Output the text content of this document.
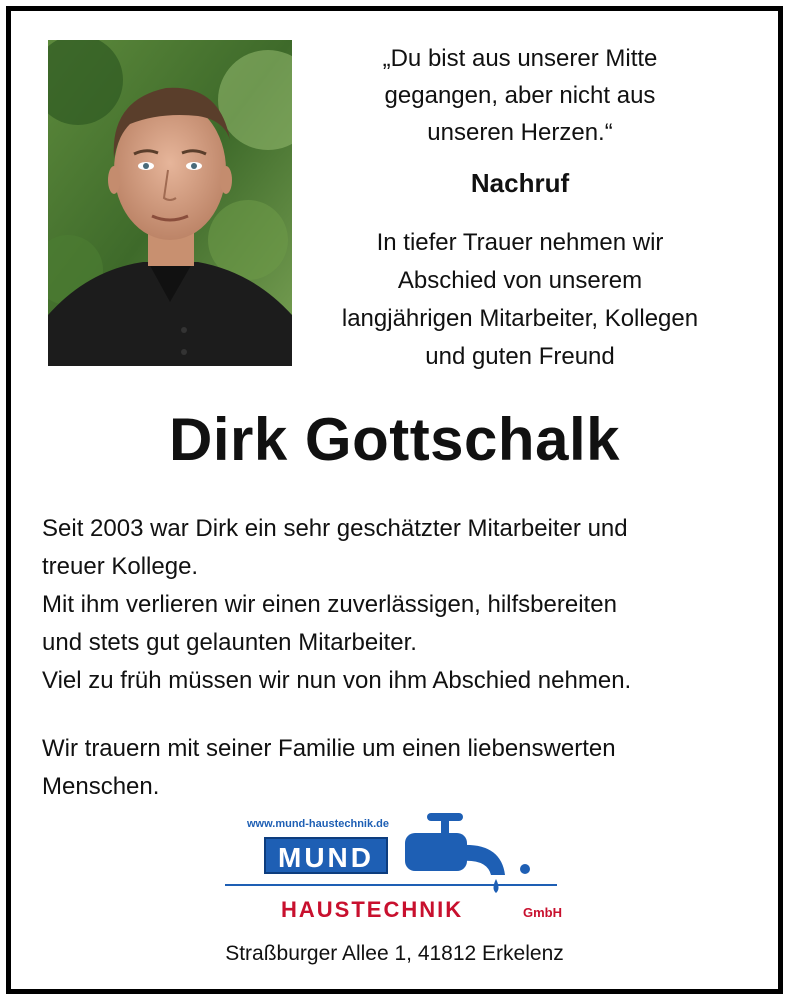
„Du bist aus unserer Mitte
gegangen, aber nicht aus
unseren Herzen.“
Nachruf
In tiefer Trauer nehmen wir
Abschied von unserem
langjährigen Mitarbeiter, Kollegen
und guten Freund
Dirk Gottschalk

Seit 2003 war Dirk ein sehr geschätzter Mitarbeiter und

treuer Kollege.

Mit ihm verlieren wir einen zuverlässigen, hilfsbereiten

und stets gut gelaunten Mitarbeiter.

Viel zu früh müssen wir nun von ihm Abschied nehmen.

Wir trauern mit seiner Familie um einen liebenswerten

Menschen.

www.mund-haustechnik.de
MUND
HAUSTECHNIK	GmbH
Straßburger Allee 1, 41812 Erkelenz
